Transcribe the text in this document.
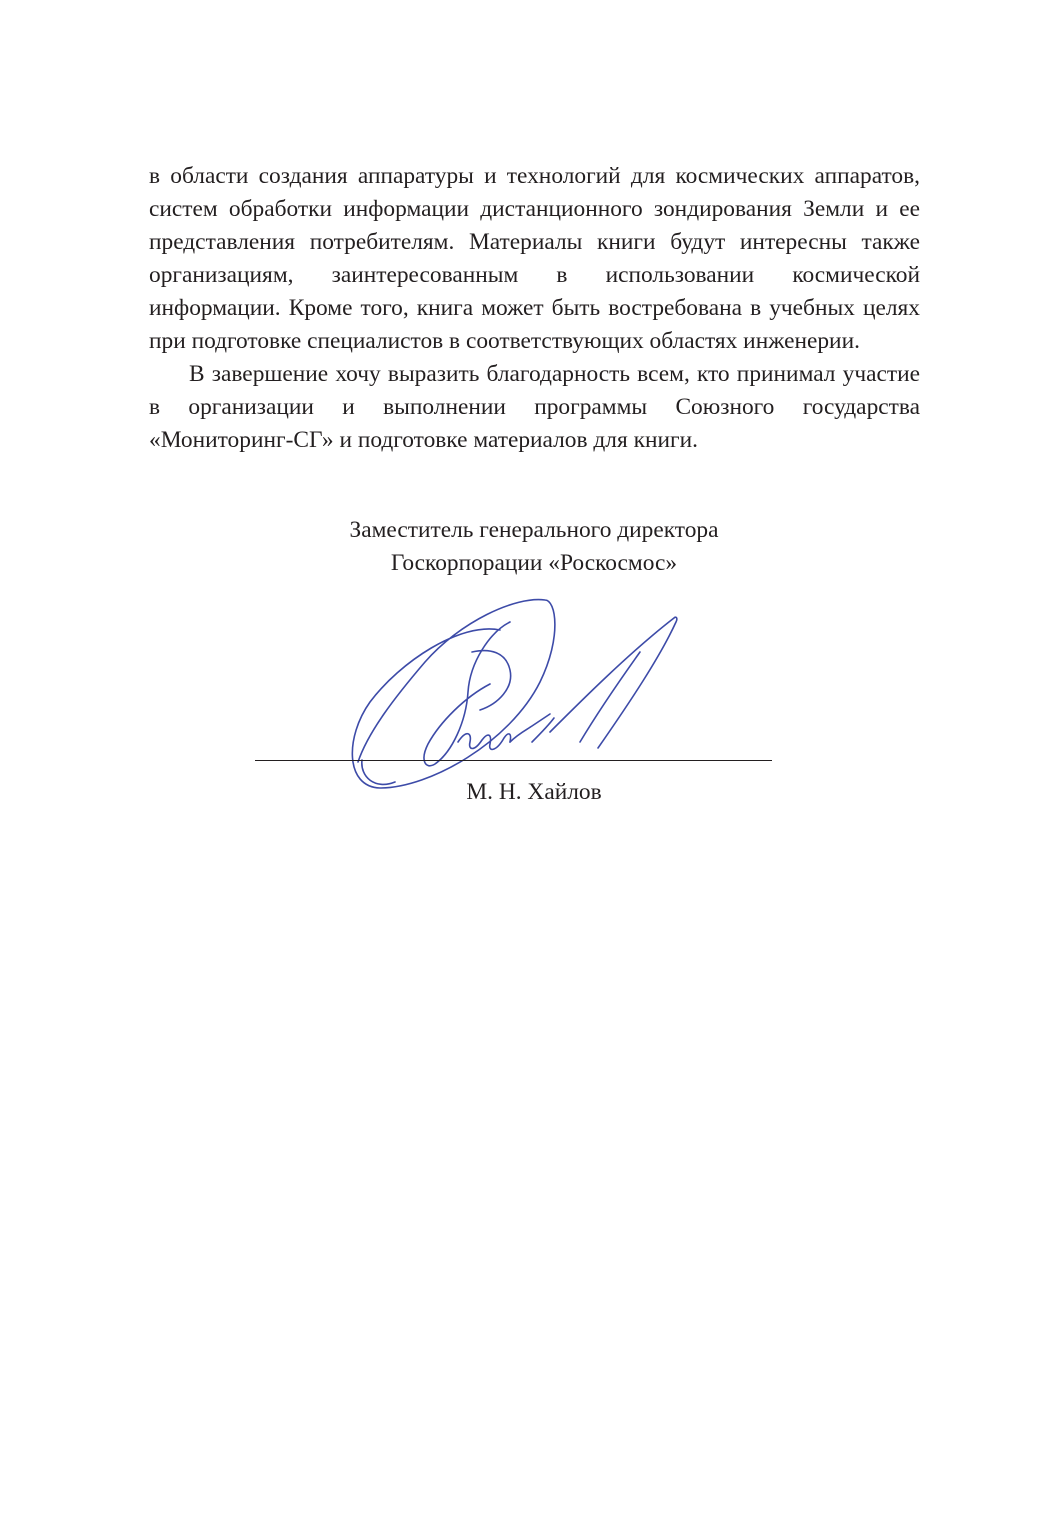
в области создания аппаратуры и технологий для космических аппаратов, систем обработки информации дистанционного зондирования Земли и ее представления потребителям. Материалы книги будут интересны также организациям, заинтересованным в использовании космической информации. Кроме того, книга может быть востребована в учебных целях при подготовке специалистов в соответствующих областях инженерии.

В завершение хочу выразить благодарность всем, кто принимал участие в организации и выполнении программы Союзного государства «Мониторинг-СГ» и подготовке материалов для книги.

Заместитель генерального директора
Госкорпорации «Роскосмос»
М. Н. Хайлов
